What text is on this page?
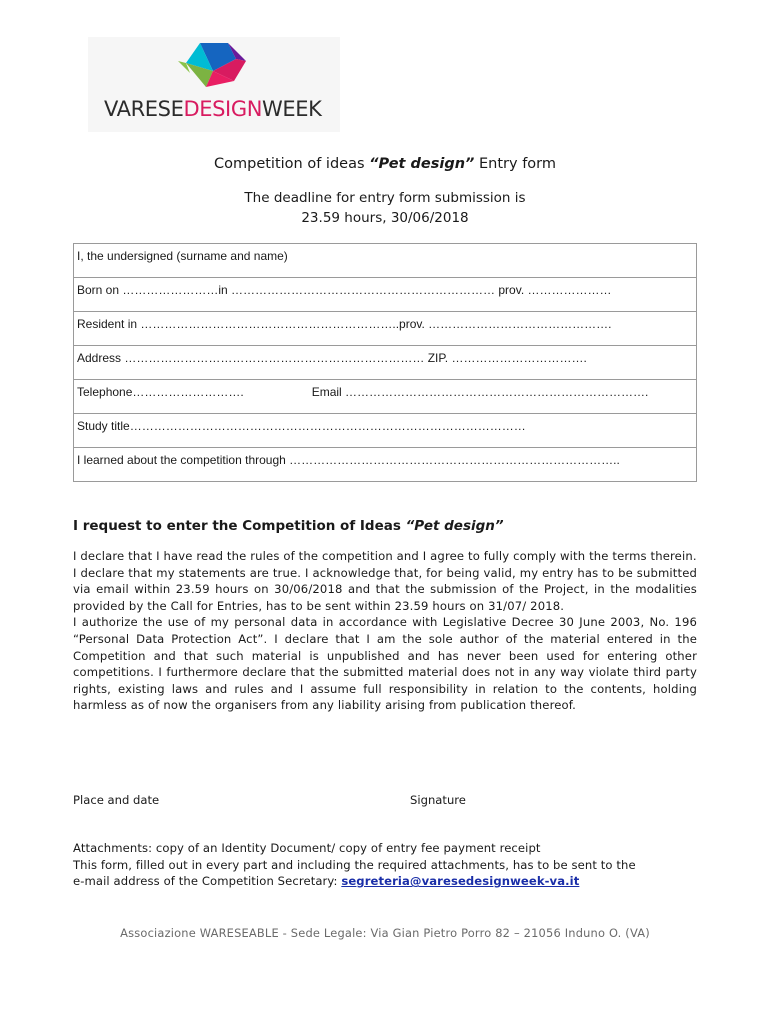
VARESEDESIGNWEEK
Competition of ideas “Pet design” Entry form
The deadline for entry form submission is
23.59 hours, 30/06/2018
I, the undersigned (surname and name)
Born on ……………………in ………………………………………………………… prov. …………………
Resident in ………………………………………………………..prov. ……………………………………….
Address ………………………………………………………………… ZIP. …………………………….
Telephone……………………….	Email ………………………………………………………………….
Study title………………………………………………………………………………………
I learned about the competition through ………………………………………………………………………..
I request to enter the Competition of Ideas “Pet design”

I declare that I have read the rules of the competition and I agree to fully comply with the terms therein.

I declare that my statements are true. I acknowledge that, for being valid, my entry has to be submitted via email within 23.59 hours on 30/06/2018 and that the submission of the Project, in the modalities provided by the Call for Entries, has to be sent within 23.59 hours on 31/07/ 2018.

I authorize the use of my personal data in accordance with Legislative Decree 30 June 2003, No. 196 “Personal Data Protection Act”. I declare that I am the sole author of the material entered in the Competition and that such material is unpublished and has never been used for entering other competitions. I furthermore declare that the submitted material does not in any way violate third party rights, existing laws and rules and I assume full responsibility in relation to the contents, holding harmless as of now the organisers from any liability arising from publication thereof.

Place and date	Signature

Attachments: copy of an Identity Document/ copy of entry fee payment receipt

This form, filled out in every part and including the required attachments, has to be sent to the

e-mail address of the Competition Secretary: segreteria@varesedesignweek-va.it

Associazione WARESEABLE - Sede Legale: Via Gian Pietro Porro 82 – 21056 Induno O. (VA)
